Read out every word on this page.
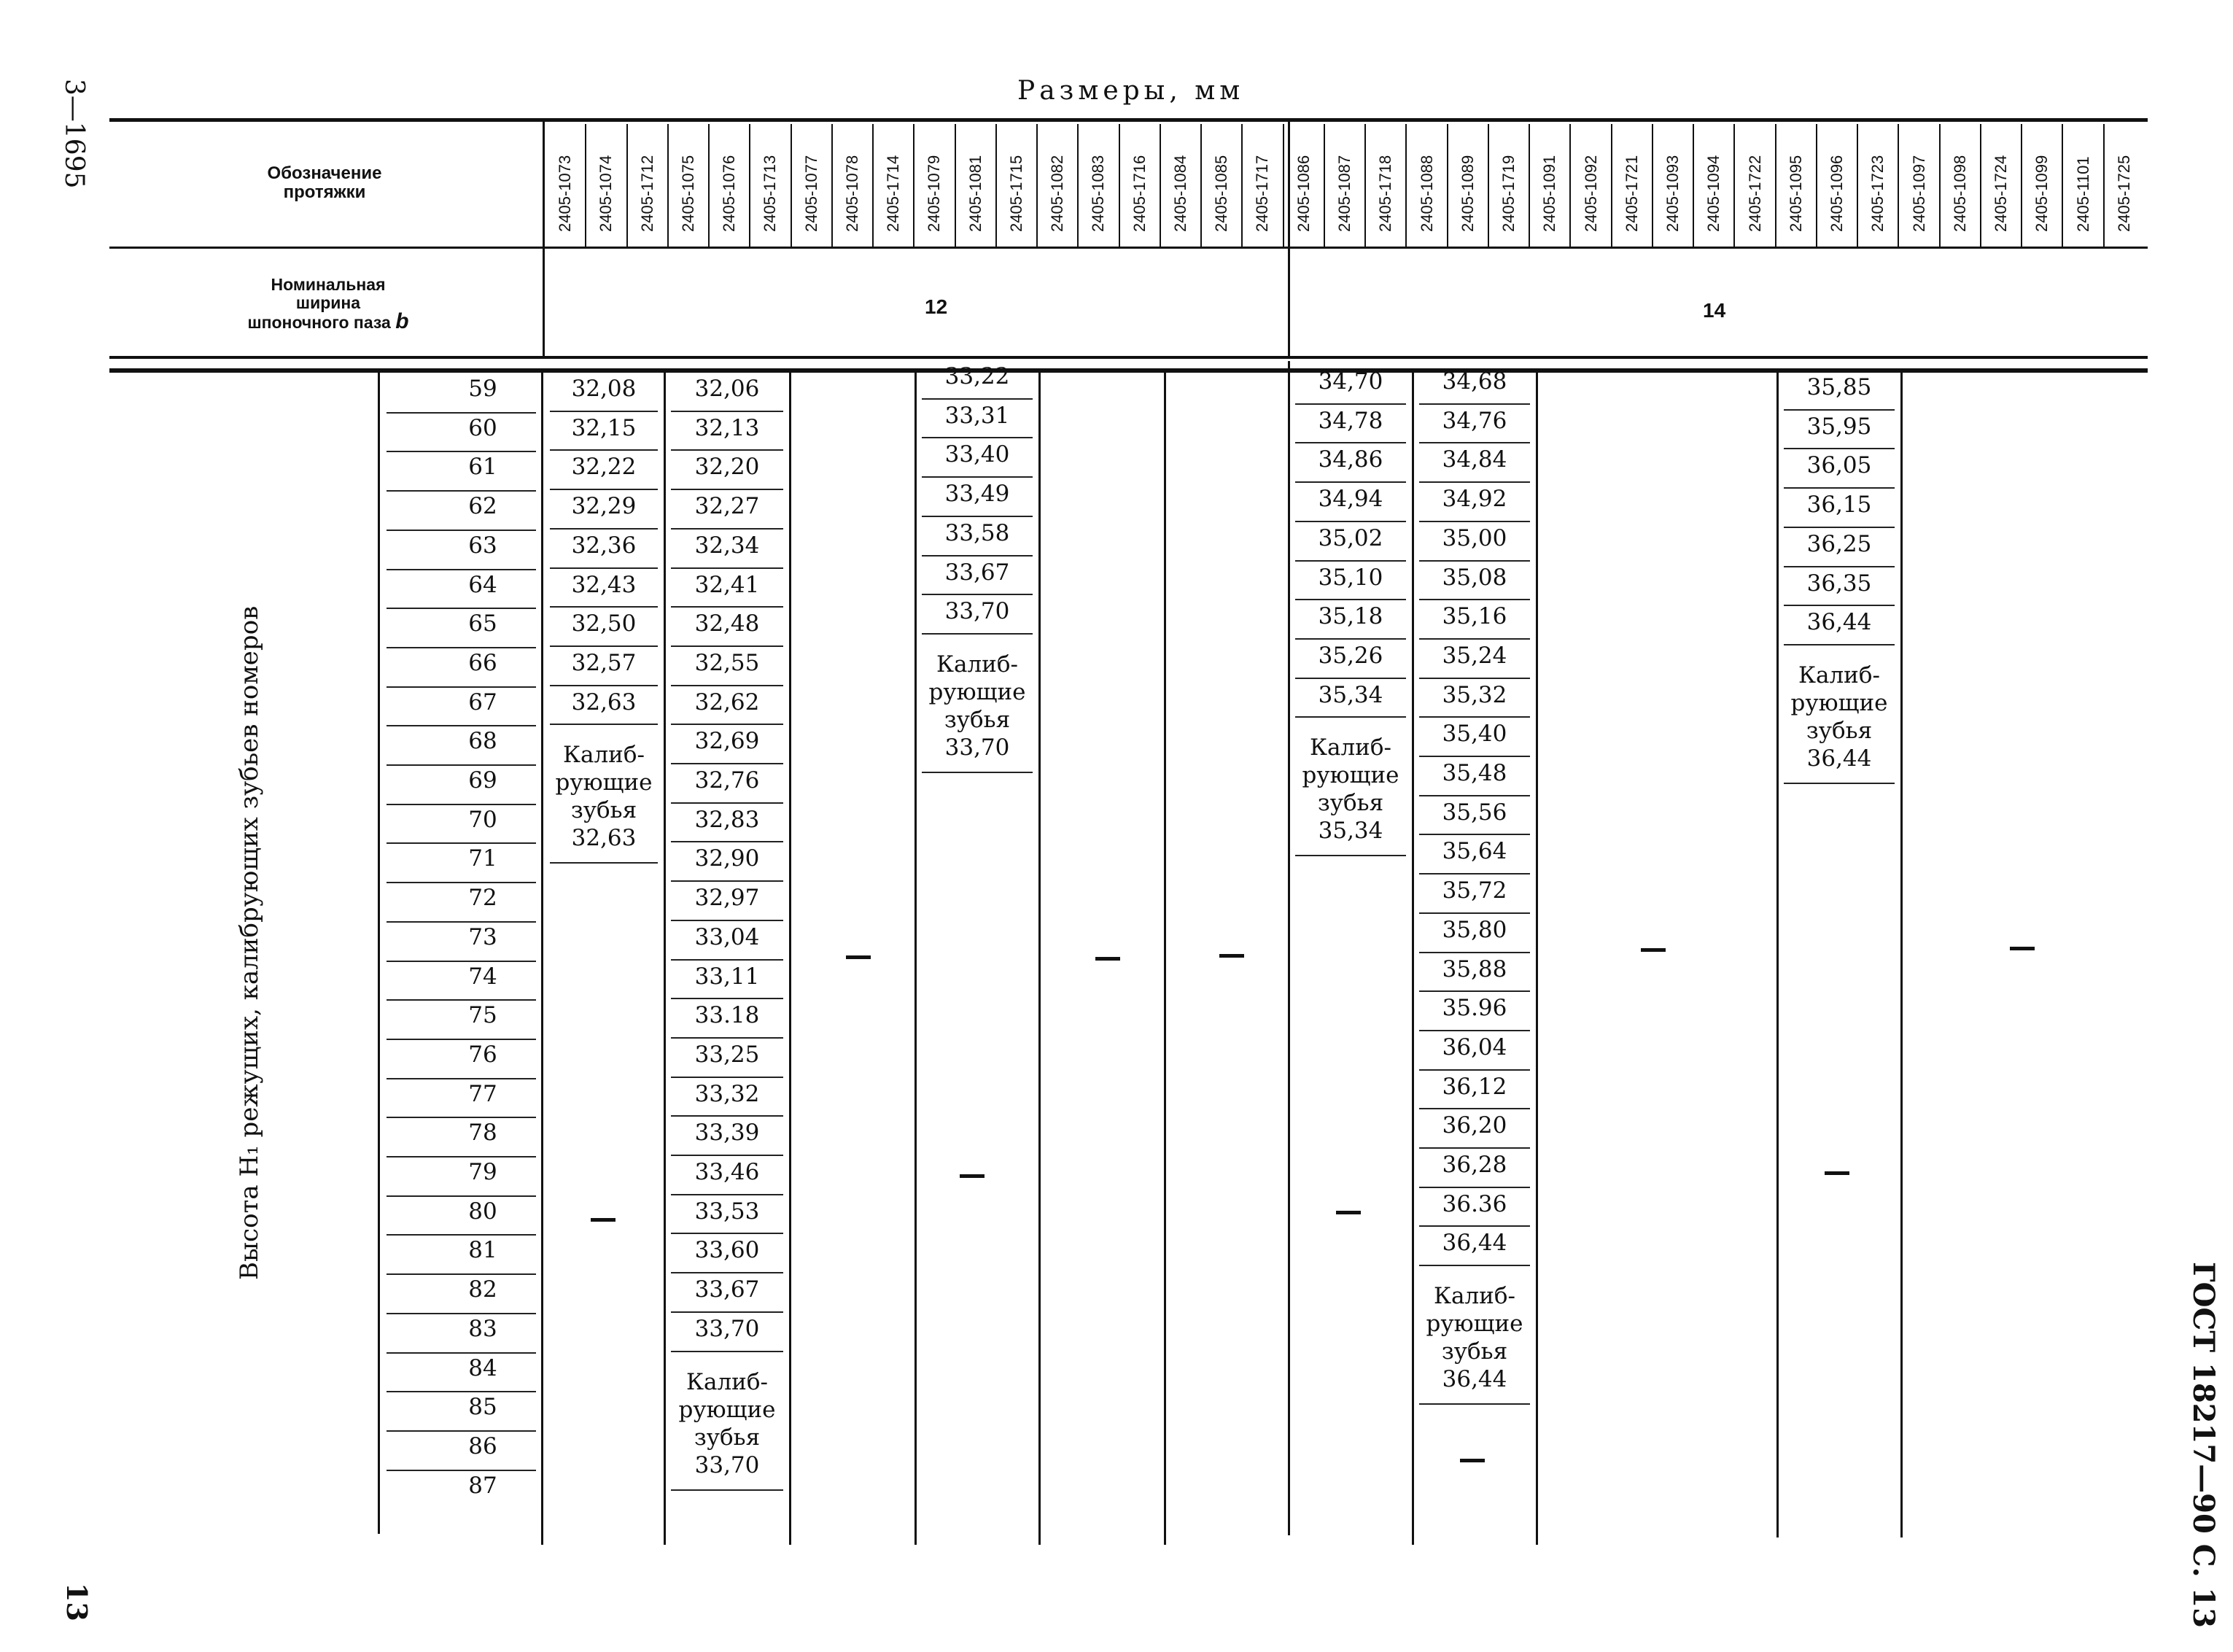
3—1695
13	ГОСТ 18217—90 С. 13
Размеры, мм
Обозначение протяжки
Номинальная
ширина
шпоночного паза b
12	14
2405-1073 2405-1074 2405-1712 2405-1075 2405-1076 2405-1713 2405-1077 2405-1078 2405-1714 2405-1079 2405-1081 2405-1715 2405-1082 2405-1083 2405-1716 2405-1084 2405-1085 2405-1717 2405-1086 2405-1087 2405-1718 2405-1088 2405-1089 2405-1719 2405-1091 2405-1092 2405-1721 2405-1093 2405-1094 2405-1722 2405-1095 2405-1096 2405-1723 2405-1097 2405-1098 2405-1724 2405-1099 2405-1101 2405-1725
Высота H₁ режущих, калибрующих зубьев номеров
59
60
61
62
63
64
65
66
67
68
69
70
71
72
73
74
75
76
77
78
79
80
81
82
83
84
85
86
87
32,08
32,15
32,22
32,29
32,36
32,43
32,50
32,57
32,63
Калиб-
рующие
зубья
32,63
32,06
32,13
32,20
32,27
32,34
32,41
32,48
32,55
32,62
32,69
32,76
32,83
32,90
32,97
33,04
33,11
33.18
33,25
33,32
33,39
33,46
33,53
33,60
33,67
33,70
Калиб-
рующие
зубья
33,70
33,22
33,31
33,40
33,49
33,58
33,67
33,70
Калиб-
рующие
зубья
33,70
34,70
34,78
34,86
34,94
35,02
35,10
35,18
35,26
35,34
Калиб-
рующие
зубья
35,34
34,68
34,76
34,84
34,92
35,00
35,08
35,16
35,24
35,32
35,40
35,48
35,56
35,64
35,72
35,80
35,88
35.96
36,04
36,12
36,20
36,28
36.36
36,44
Калиб-
рующие
зубья
36,44
35,85
35,95
36,05
36,15
36,25
36,35
36,44
Калиб-
рующие
зубья
36,44
